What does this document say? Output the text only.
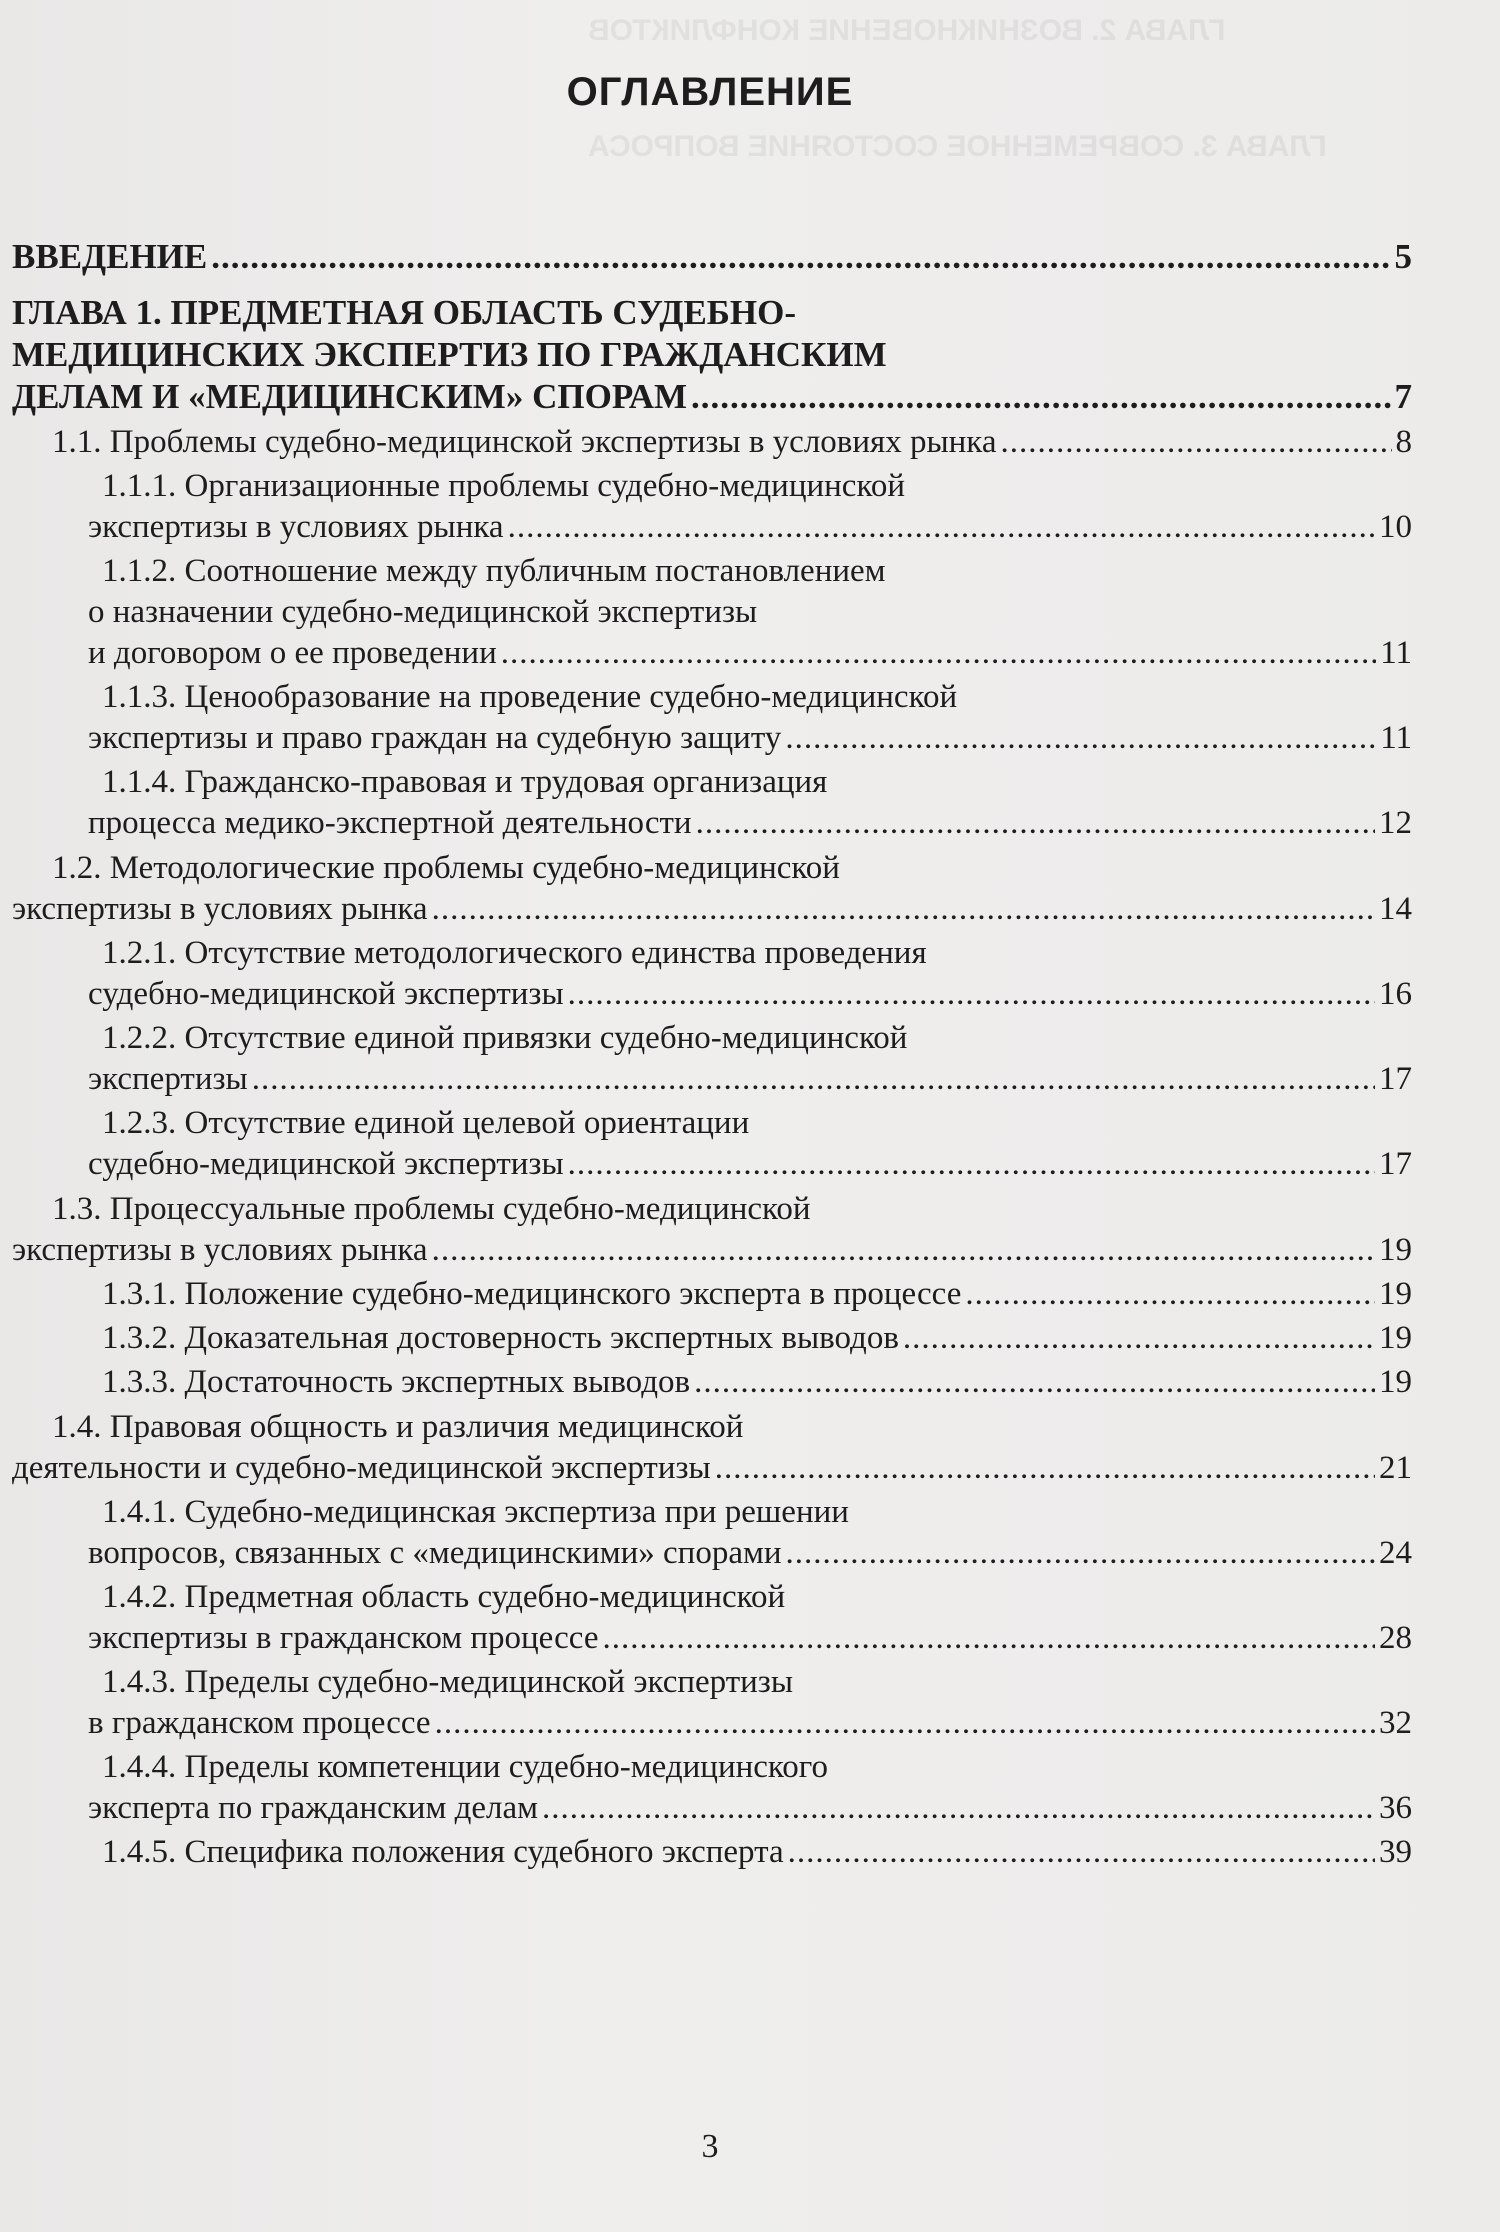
ГЛАВА 2. ВОЗНИКНОВЕНИЕ КОНФЛИКТОВ
ГЛАВА 3. СОВРЕМЕННОЕ СОСТОЯНИЕ ВОПРОСА
ОГЛАВЛЕНИЕ
ВВЕДЕНИЕ .....	5
ГЛАВА 1. ПРЕДМЕТНАЯ ОБЛАСТЬ СУДЕБНО-
МЕДИЦИНСКИХ ЭКСПЕРТИЗ ПО ГРАЖДАНСКИМ
ДЕЛАМ И «МЕДИЦИНСКИМ» СПОРАМ .....	7
1.1. Проблемы судебно-медицинской экспертизы в условиях рынка .....	8
1.1.1. Организационные проблемы судебно-медицинской
экспертизы в условиях рынка .....	10
1.1.2. Соотношение между публичным постановлением
о назначении судебно-медицинской экспертизы
и договором о ее проведении .....	11
1.1.3. Ценообразование на проведение судебно-медицинской
экспертизы и право граждан на судебную защиту .....	11
1.1.4. Гражданско-правовая и трудовая организация
процесса медико-экспертной деятельности .....	12
1.2. Методологические проблемы судебно-медицинской
экспертизы в условиях рынка .....	14
1.2.1. Отсутствие методологического единства проведения
судебно-медицинской экспертизы .....	16
1.2.2. Отсутствие единой привязки судебно-медицинской
экспертизы .....	17
1.2.3. Отсутствие единой целевой ориентации
судебно-медицинской экспертизы .....	17
1.3. Процессуальные проблемы судебно-медицинской
экспертизы в условиях рынка .....	19
1.3.1. Положение судебно-медицинского эксперта в процессе .....	19
1.3.2. Доказательная достоверность экспертных выводов .....	19
1.3.3. Достаточность экспертных выводов .....	19
1.4. Правовая общность и различия медицинской
деятельности и судебно-медицинской экспертизы .....	21
1.4.1. Судебно-медицинская экспертиза при решении
вопросов, связанных с «медицинскими» спорами .....	24
1.4.2. Предметная область судебно-медицинской
экспертизы в гражданском процессе .....	28
1.4.3. Пределы судебно-медицинской экспертизы
в гражданском процессе .....	32
1.4.4. Пределы компетенции судебно-медицинского
эксперта по гражданским делам .....	36
1.4.5. Специфика положения судебного эксперта .....	39
3
